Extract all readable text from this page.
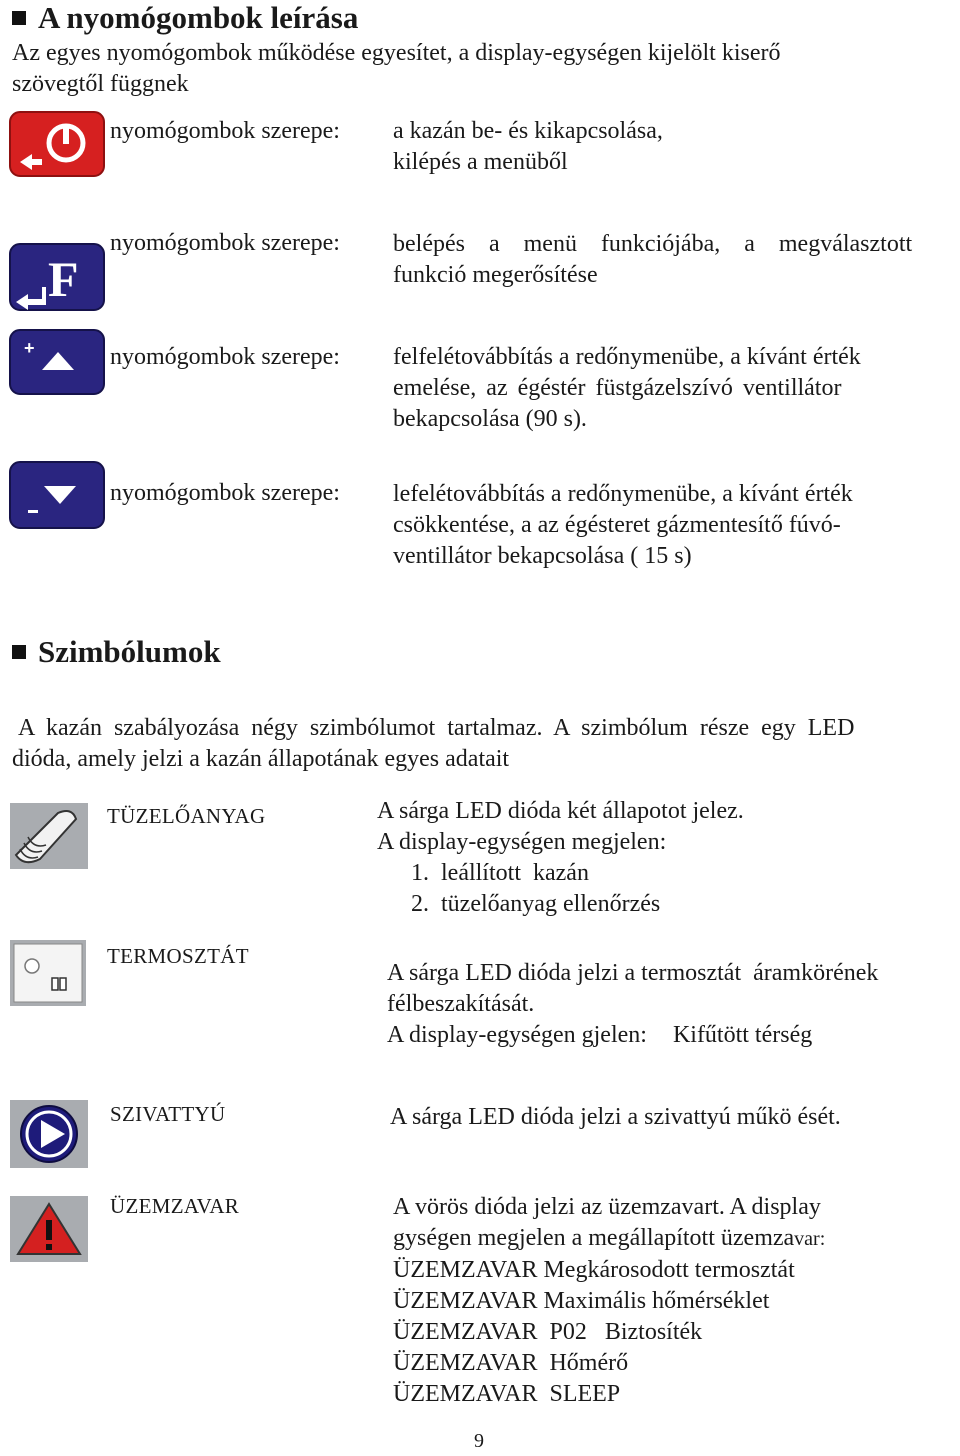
A nyomógombok leírása
Az egyes nyomógombok működése egyesítet, a display-egységen kijelölt kiserő
szövegtől függnek
nyomógombok szerepe: a kazán be- és kikapcsolása,
kilépés a menüből
F
nyomógombok szerepe: belépés a menü funkciójába, a megválasztott
funkció megerősítése
+	nyomógombok szerepe: felfelétovábbítás a redőnymenübe, a kívánt érték
emelése, az égéstér füstgázelszívó ventillátor
bekapcsolása (90 s).
nyomógombok szerepe: lefelétovábbítás a redőnymenübe, a kívánt érték
csökkentése, a az égésteret gázmentesítő fúvó-
ventillátor bekapcsolása ( 15 s)
Szimbólumok
A kazán szabályozása négy szimbólumot tartalmaz. A szimbólum része egy LED
dióda, amely jelzi a kazán állapotának egyes adatait
TÜZELŐANYAG	A sárga LED dióda két állapotot jelez.
A display-egységen megjelen:
1.  leállított  kazán
2.  tüzelőanyag ellenőrzés
TERMOSZTÁT
A sárga LED dióda jelzi a termosztát  áramkörének
félbeszakítását.
A display-egységen gjelen: Kifűtött térség
SZIVATTYÚ	A sárga LED dióda jelzi a szivattyú műkö ését.
ÜZEMZAVAR	A vörös dióda jelzi az üzemzavart. A display
gységen megjelen a megállapított üzemzavar:
ÜZEMZAVAR Megkárosodott termosztát
ÜZEMZAVAR Maximális hőmérséklet
ÜZEMZAVAR  P02   Biztosíték
ÜZEMZAVAR  Hőmérő
ÜZEMZAVAR  SLEEP
9
